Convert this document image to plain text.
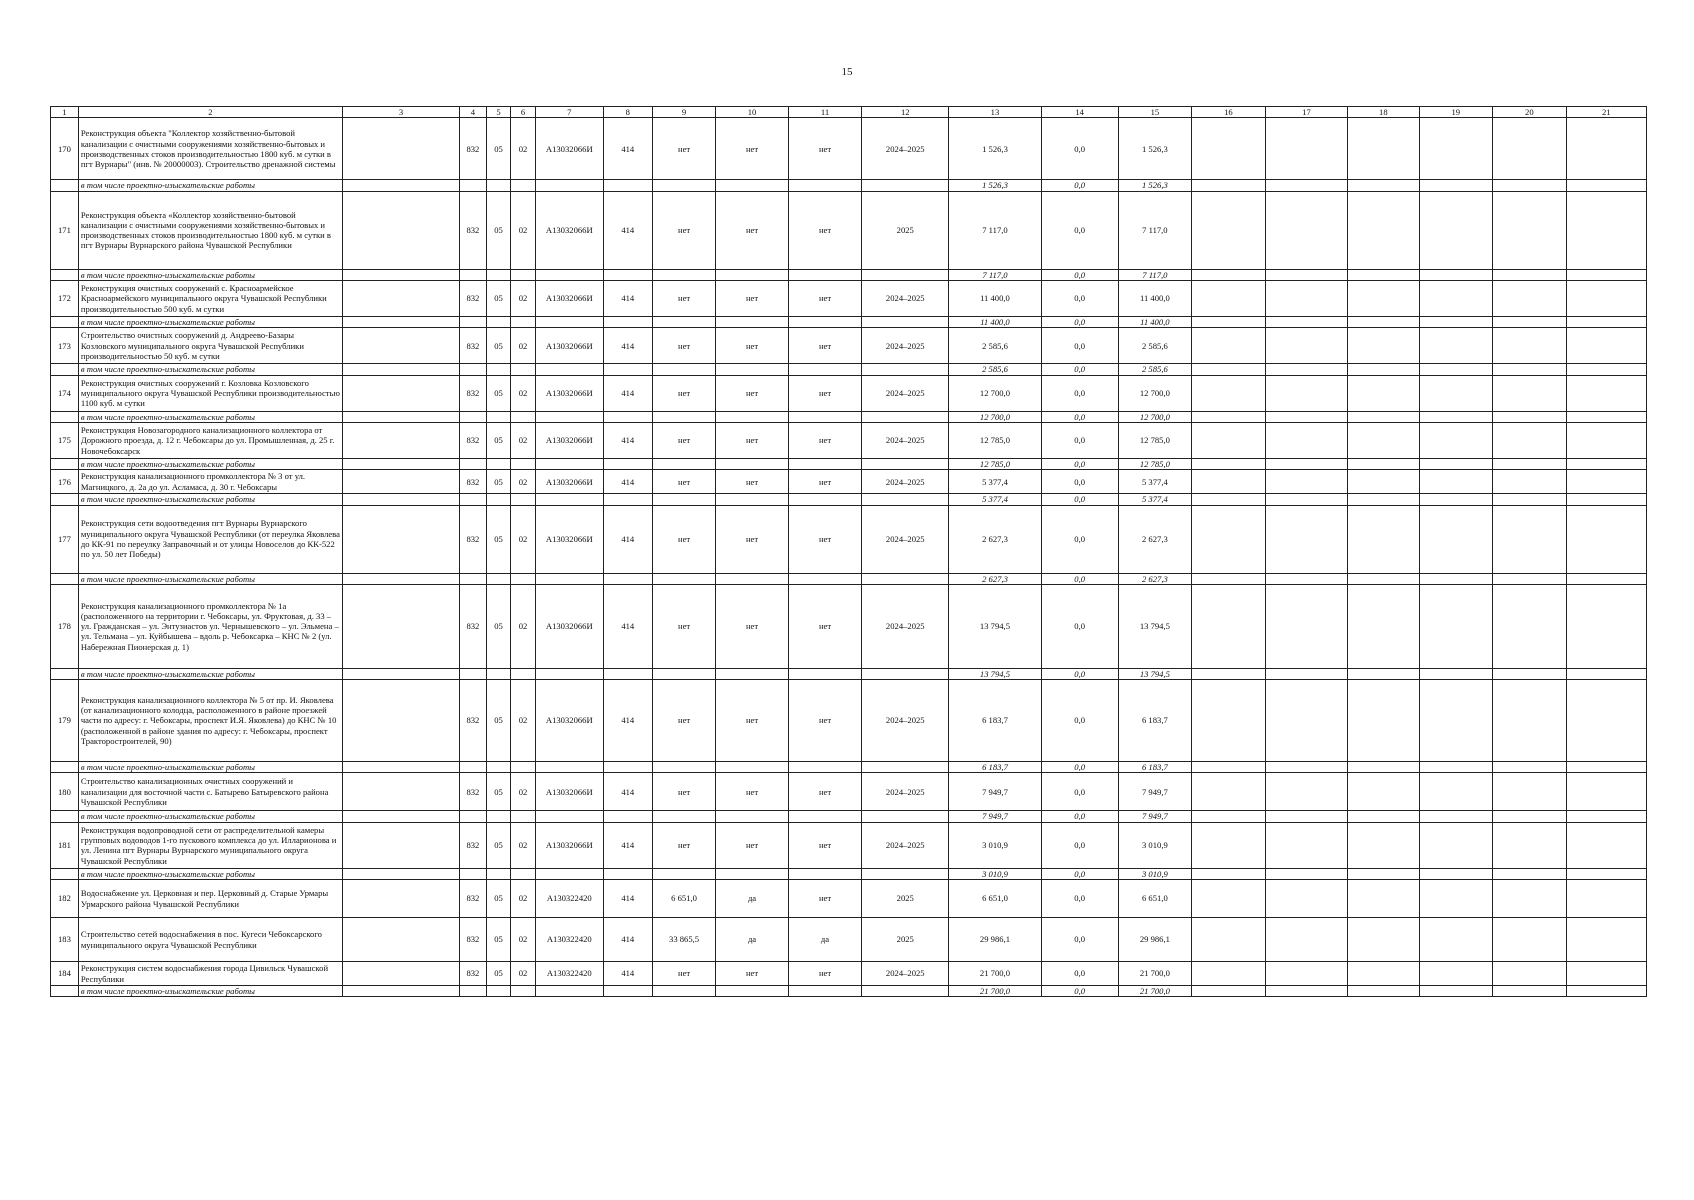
15
1	2	3	4	5	6	7	8	9	10	11	12	13	14	15	16	17	18	19	20	21
170	Реконструкция объекта "Коллектор хозяйственно-бытовой канализации с очистными сооружениями хозяйственно-бытовых и производственных стоков производительностью 1800 куб. м сутки в пгт Вурнары" (инв. № 20000003). Строительство дренажной системы		832	05	02	А13032066И	414	нет	нет	нет	2024–2025	1 526,3	0,0	1 526,3						
	в том числе проектно-изыскательские работы											1 526,3	0,0	1 526,3						
171	Реконструкция объекта «Коллектор хозяйственно-бытовой канализации с очистными сооружениями хозяйственно-бытовых и производственных стоков производительностью 1800 куб. м сутки в пгт Вурнары Вурнарского района Чувашской Республики		832	05	02	А13032066И	414	нет	нет	нет	2025	7 117,0	0,0	7 117,0						
	в том числе проектно-изыскательские работы											7 117,0	0,0	7 117,0						
172	Реконструкция очистных сооружений с. Красноармейское Красноармейского муниципального округа Чувашской Республики производительностью 500 куб. м сутки		832	05	02	А13032066И	414	нет	нет	нет	2024–2025	11 400,0	0,0	11 400,0						
	в том числе проектно-изыскательские работы											11 400,0	0,0	11 400,0						
173	Строительство очистных сооружений д. Андреево-Базары Козловского муниципального округа Чувашской Республики производительностью 50 куб. м сутки		832	05	02	А13032066И	414	нет	нет	нет	2024–2025	2 585,6	0,0	2 585,6						
	в том числе проектно-изыскательские работы											2 585,6	0,0	2 585,6						
174	Реконструкция очистных сооружений г. Козловка Козловского муниципального округа Чувашской Республики производительностью 1100 куб. м сутки		832	05	02	А13032066И	414	нет	нет	нет	2024–2025	12 700,0	0,0	12 700,0						
	в том числе проектно-изыскательские работы											12 700,0	0,0	12 700,0						
175	Реконструкция Новозагородного канализационного коллектора от Дорожного проезда, д. 12 г. Чебоксары до ул. Промышленная, д. 25 г. Новочебоксарск		832	05	02	А13032066И	414	нет	нет	нет	2024–2025	12 785,0	0,0	12 785,0						
	в том числе проектно-изыскательские работы											12 785,0	0,0	12 785,0						
176	Реконструкция канализационного промколлектора № 3 от ул. Магницкого, д. 2а до ул. Асламаса, д. 30 г. Чебоксары		832	05	02	А13032066И	414	нет	нет	нет	2024–2025	5 377,4	0,0	5 377,4						
	в том числе проектно-изыскательские работы											5 377,4	0,0	5 377,4						
177	Реконструкция сети водоотведения пгт Вурнары Вурнарского муниципального округа Чувашской Республики (от переулка Яковлева до КК-91 по переулку Заправочный и от улицы Новоселов до КК-522 по ул. 50 лет Победы)		832	05	02	А13032066И	414	нет	нет	нет	2024–2025	2 627,3	0,0	2 627,3						
	в том числе проектно-изыскательские работы											2 627,3	0,0	2 627,3						
178	Реконструкция канализационного промколлектора № 1а (расположенного на территории г. Чебоксары, ул. Фруктовая, д. 33 – ул. Гражданская – ул. Энтузиастов ул. Чернышевского – ул. Эльмена – ул. Тельмана – ул. Куйбышева – вдоль р. Чебоксарка – КНС № 2 (ул. Набережная Пионерская д. 1)		832	05	02	А13032066И	414	нет	нет	нет	2024–2025	13 794,5	0,0	13 794,5						
	в том числе проектно-изыскательские работы											13 794,5	0,0	13 794,5						
179	Реконструкция канализационного коллектора № 5 от пр. И. Яковлева (от канализационного колодца, расположенного в районе проезжей части по адресу: г. Чебоксары, проспект И.Я. Яковлева) до КНС № 10 (расположенной в районе здания по адресу: г. Чебоксары, проспект Тракторостроителей, 90)		832	05	02	А13032066И	414	нет	нет	нет	2024–2025	6 183,7	0,0	6 183,7						
	в том числе проектно-изыскательские работы											6 183,7	0,0	6 183,7						
180	Строительство канализационных очистных сооружений и канализации для восточной части с. Батырево Батыревского района Чувашской Республики		832	05	02	А13032066И	414	нет	нет	нет	2024–2025	7 949,7	0,0	7 949,7						
	в том числе проектно-изыскательские работы											7 949,7	0,0	7 949,7						
181	Реконструкция водопроводной сети от распределительной камеры групповых водоводов 1-го пускового комплекса до ул. Илларионова и ул. Ленина пгт Вурнары Вурнарского муниципального округа Чувашской Республики		832	05	02	А13032066И	414	нет	нет	нет	2024–2025	3 010,9	0,0	3 010,9						
	в том числе проектно-изыскательские работы											3 010,9	0,0	3 010,9						
182	Водоснабжение ул. Церковная и пер. Церковный д. Старые Урмары Урмарского района Чувашской Республики		832	05	02	А130322420	414	6 651,0	да	нет	2025	6 651,0	0,0	6 651,0						
183	Строительство сетей водоснабжения в пос. Кугеси Чебоксарского муниципального округа Чувашской Республики		832	05	02	А130322420	414	33 865,5	да	да	2025	29 986,1	0,0	29 986,1						
184	Реконструкция систем водоснабжения города Цивильск Чувашской Республики		832	05	02	А130322420	414	нет	нет	нет	2024–2025	21 700,0	0,0	21 700,0						
	в том числе проектно-изыскательские работы											21 700,0	0,0	21 700,0						
